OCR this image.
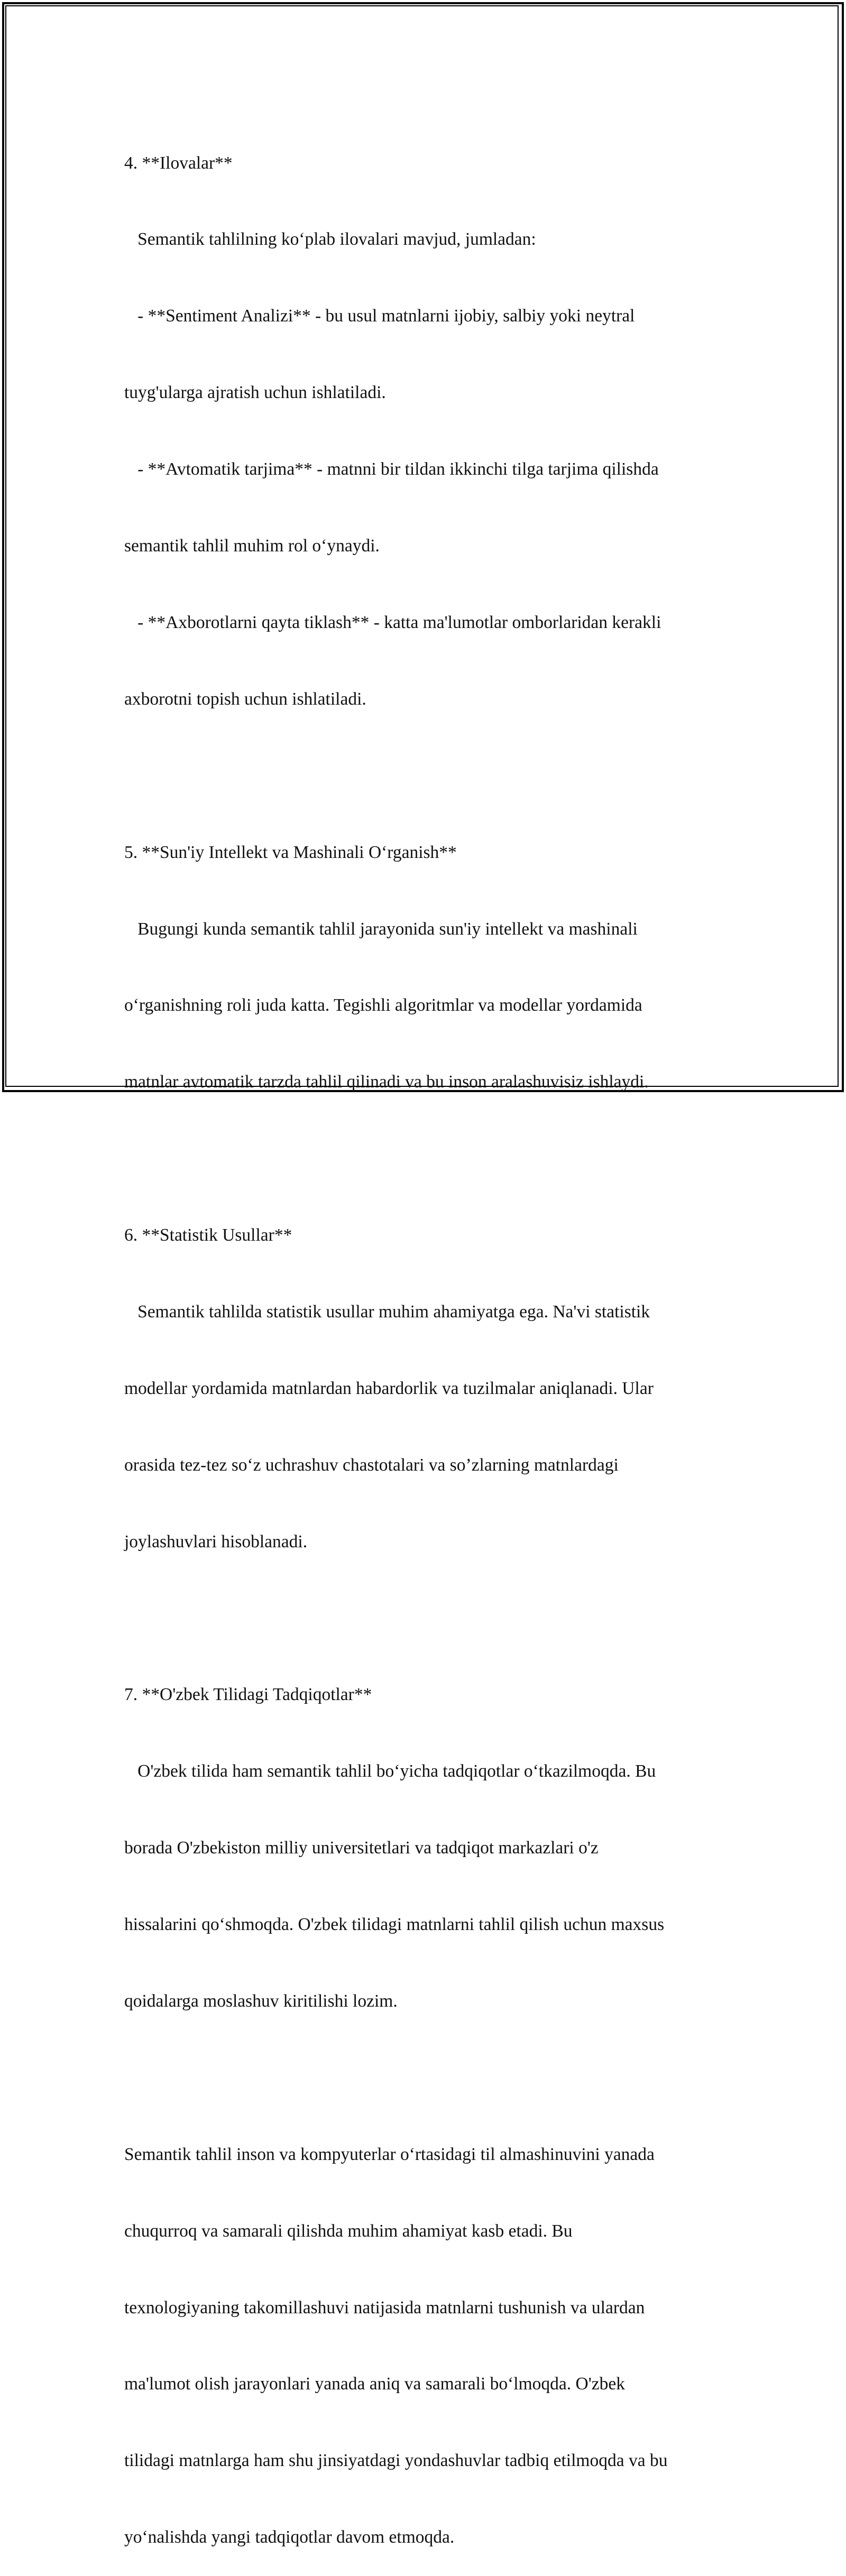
4. **Ilovalar**

Semantik tahlilning ko‘plab ilovalari mavjud, jumladan:

- **Sentiment Analizi** - bu usul matnlarni ijobiy, salbiy yoki neytral

tuyg'ularga ajratish uchun ishlatiladi.

- **Avtomatik tarjima** - matnni bir tildan ikkinchi tilga tarjima qilishda

semantik tahlil muhim rol o‘ynaydi.

- **Axborotlarni qayta tiklash** - katta ma'lumotlar omborlaridan kerakli

axborotni topish uchun ishlatiladi.

5. **Sun'iy Intellekt va Mashinali O‘rganish**

Bugungi kunda semantik tahlil jarayonida sun'iy intellekt va mashinali

o‘rganishning roli juda katta. Tegishli algoritmlar va modellar yordamida

matnlar avtomatik tarzda tahlil qilinadi va bu inson aralashuvisiz ishlaydi.

6. **Statistik Usullar**

Semantik tahlilda statistik usullar muhim ahamiyatga ega. Na'vi statistik

modellar yordamida matnlardan habardorlik va tuzilmalar aniqlanadi. Ular

orasida tez-tez so‘z uchrashuv chastotalari va so’zlarning matnlardagi

joylashuvlari hisoblanadi.

7. **O'zbek Tilidagi Tadqiqotlar**

O'zbek tilida ham semantik tahlil bo‘yicha tadqiqotlar o‘tkazilmoqda. Bu

borada O'zbekiston milliy universitetlari va tadqiqot markazlari o'z

hissalarini qo‘shmoqda. O'zbek tilidagi matnlarni tahlil qilish uchun maxsus

qoidalarga moslashuv kiritilishi lozim.

Semantik tahlil inson va kompyuterlar o‘rtasidagi til almashinuvini yanada

chuqurroq va samarali qilishda muhim ahamiyat kasb etadi. Bu

texnologiyaning takomillashuvi natijasida matnlarni tushunish va ulardan

ma'lumot olish jarayonlari yanada aniq va samarali bo‘lmoqda. O'zbek

tilidagi matnlarga ham shu jinsiyatdagi yondashuvlar tadbiq etilmoqda va bu

yo‘nalishda yangi tadqiqotlar davom etmoqda.
